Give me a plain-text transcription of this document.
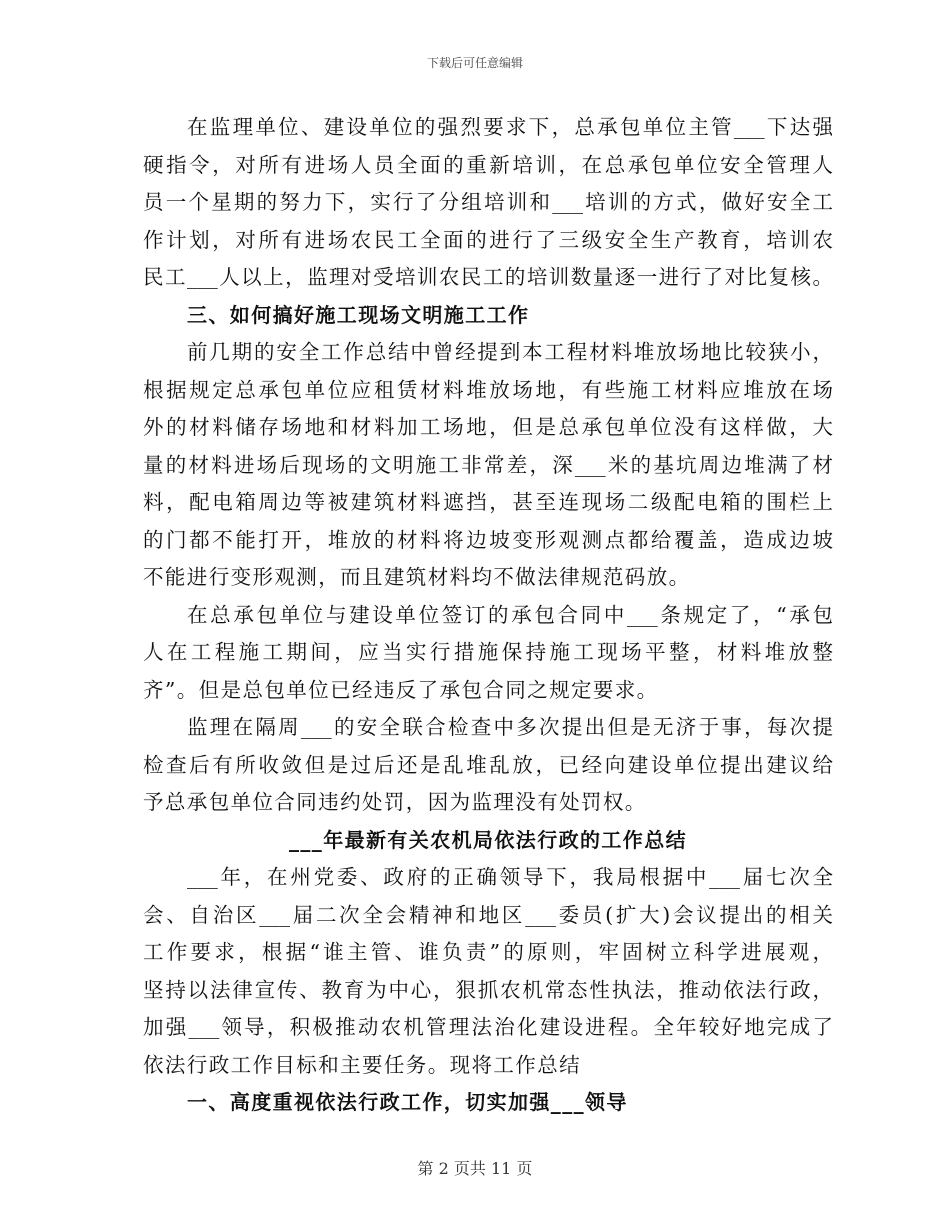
下载后可任意编辑
在监理单位、建设单位的强烈要求下，总承包单位主管___下达强
硬指令，对所有进场人员全面的重新培训，在总承包单位安全管理人
员一个星期的努力下，实行了分组培训和___培训的方式，做好安全工
作计划，对所有进场农民工全面的进行了三级安全生产教育，培训农
民工___人以上，监理对受培训农民工的培训数量逐一进行了对比复核。
三、如何搞好施工现场文明施工工作
前几期的安全工作总结中曾经提到本工程材料堆放场地比较狭小，
根据规定总承包单位应租赁材料堆放场地，有些施工材料应堆放在场
外的材料储存场地和材料加工场地，但是总承包单位没有这样做，大
量的材料进场后现场的文明施工非常差，深___米的基坑周边堆满了材
料，配电箱周边等被建筑材料遮挡，甚至连现场二级配电箱的围栏上
的门都不能打开，堆放的材料将边坡变形观测点都给覆盖，造成边坡
不能进行变形观测，而且建筑材料均不做法律规范码放。
在总承包单位与建设单位签订的承包合同中___条规定了，“承包
人在工程施工期间，应当实行措施保持施工现场平整，材料堆放整
齐”。但是总包单位已经违反了承包合同之规定要求。
监理在隔周___的安全联合检查中多次提出但是无济于事，每次提
检查后有所收敛但是过后还是乱堆乱放，已经向建设单位提出建议给
予总承包单位合同违约处罚，因为监理没有处罚权。
___年最新有关农机局依法行政的工作总结
___年，在州党委、政府的正确领导下，我局根据中___届七次全
会、自治区___届二次全会精神和地区___委员(扩大)会议提出的相关
工作要求，根据“谁主管、谁负责”的原则，牢固树立科学进展观，
坚持以法律宣传、教育为中心，狠抓农机常态性执法，推动依法行政，
加强___领导，积极推动农机管理法治化建设进程。全年较好地完成了
依法行政工作目标和主要任务。现将工作总结
一、高度重视依法行政工作，切实加强___领导
第 2 页共 11 页
